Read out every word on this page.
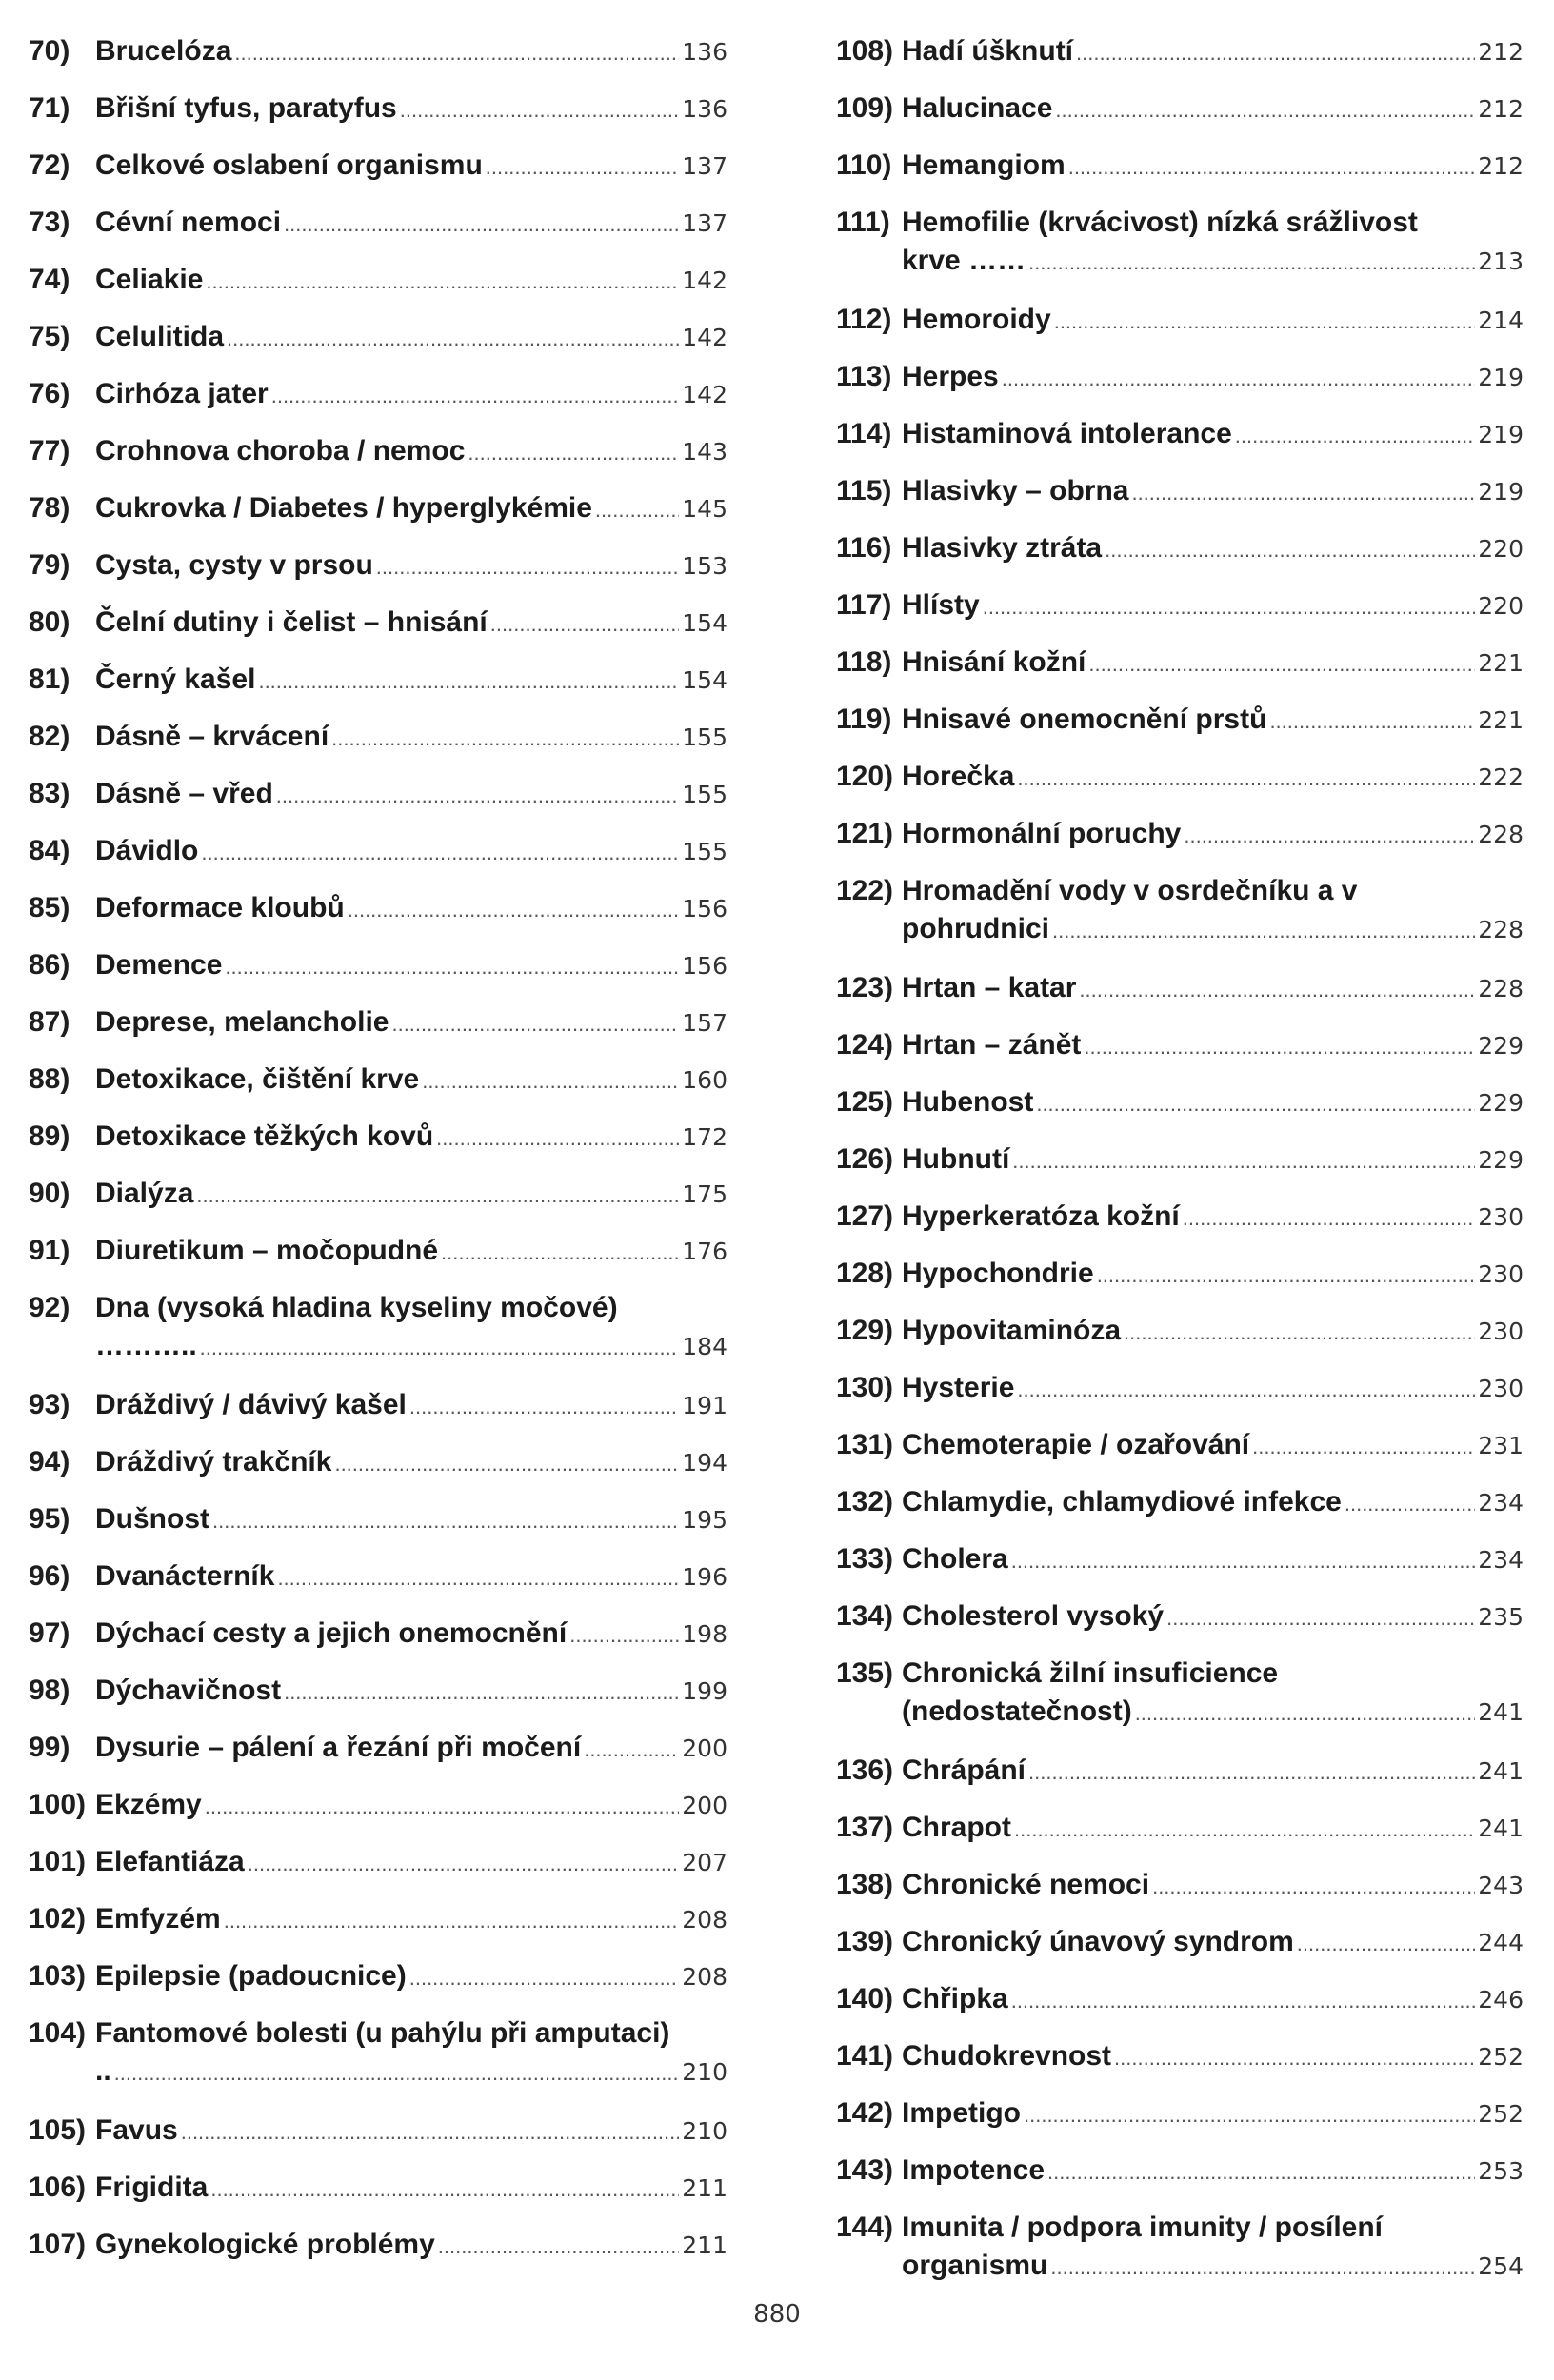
70) Brucelóza .....	136
71) Břišní tyfus, paratyfus .....	136
72) Celkové oslabení organismu .....	137
73) Cévní nemoci .....	137
74) Celiakie .....	142
75) Celulitida .....	142
76) Cirhóza jater .....	142
77) Crohnova choroba / nemoc .....	143
78) Cukrovka / Diabetes / hyperglykémie .....	145
79) Cysta, cysty v prsou .....	153
80) Čelní dutiny i čelist – hnisání .....	154
81) Černý kašel .....	154
82) Dásně – krvácení .....	155
83) Dásně – vřed .....	155
84) Dávidlo .....	155
85) Deformace kloubů .....	156
86) Demence .....	156
87) Deprese, melancholie .....	157
88) Detoxikace, čištění krve .....	160
89) Detoxikace těžkých kovů .....	172
90) Dialýza .....	175
91) Diuretikum – močopudné .....	176
92) Dna (vysoká hladina kyseliny močové)
……….. .....	184
93) Dráždivý / dávivý kašel .....	191
94) Dráždivý trakčník .....	194
95) Dušnost .....	195
96) Dvanácterník .....	196
97) Dýchací cesty a jejich onemocnění .....	198
98) Dýchavičnost .....	199
99) Dysurie – pálení a řezání při močení .....	200
100) Ekzémy .....	200
101) Elefantiáza .....	207
102) Emfyzém .....	208
103) Epilepsie (padoucnice) .....	208
104) Fantomové bolesti (u pahýlu při amputaci)
.. .....	210
105) Favus .....	210
106) Frigidita .....	211
107) Gynekologické problémy .....	211
108) Hadí úšknutí .....	212
109) Halucinace .....	212
110) Hemangiom .....	212
111) Hemofilie (krvácivost) nízká srážlivost
krve …… .....	213
112) Hemoroidy .....	214
113) Herpes .....	219
114) Histaminová intolerance .....	219
115) Hlasivky – obrna .....	219
116) Hlasivky ztráta .....	220
117) Hlísty .....	220
118) Hnisání kožní .....	221
119) Hnisavé onemocnění prstů .....	221
120) Horečka .....	222
121) Hormonální poruchy .....	228
122) Hromadění vody v osrdečníku a v
pohrudnici .....	228
123) Hrtan – katar .....	228
124) Hrtan – zánět .....	229
125) Hubenost .....	229
126) Hubnutí .....	229
127) Hyperkeratóza kožní .....	230
128) Hypochondrie .....	230
129) Hypovitaminóza .....	230
130) Hysterie .....	230
131) Chemoterapie / ozařování .....	231
132) Chlamydie, chlamydiové infekce .....	234
133) Cholera .....	234
134) Cholesterol vysoký .....	235
135) Chronická žilní insuficience
(nedostatečnost) .....	241
136) Chrápání .....	241
137) Chrapot .....	241
138) Chronické nemoci .....	243
139) Chronický únavový syndrom .....	244
140) Chřipka .....	246
141) Chudokrevnost .....	252
142) Impetigo .....	252
143) Impotence .....	253
144) Imunita / podpora imunity / posílení
organismu .....	254
880
